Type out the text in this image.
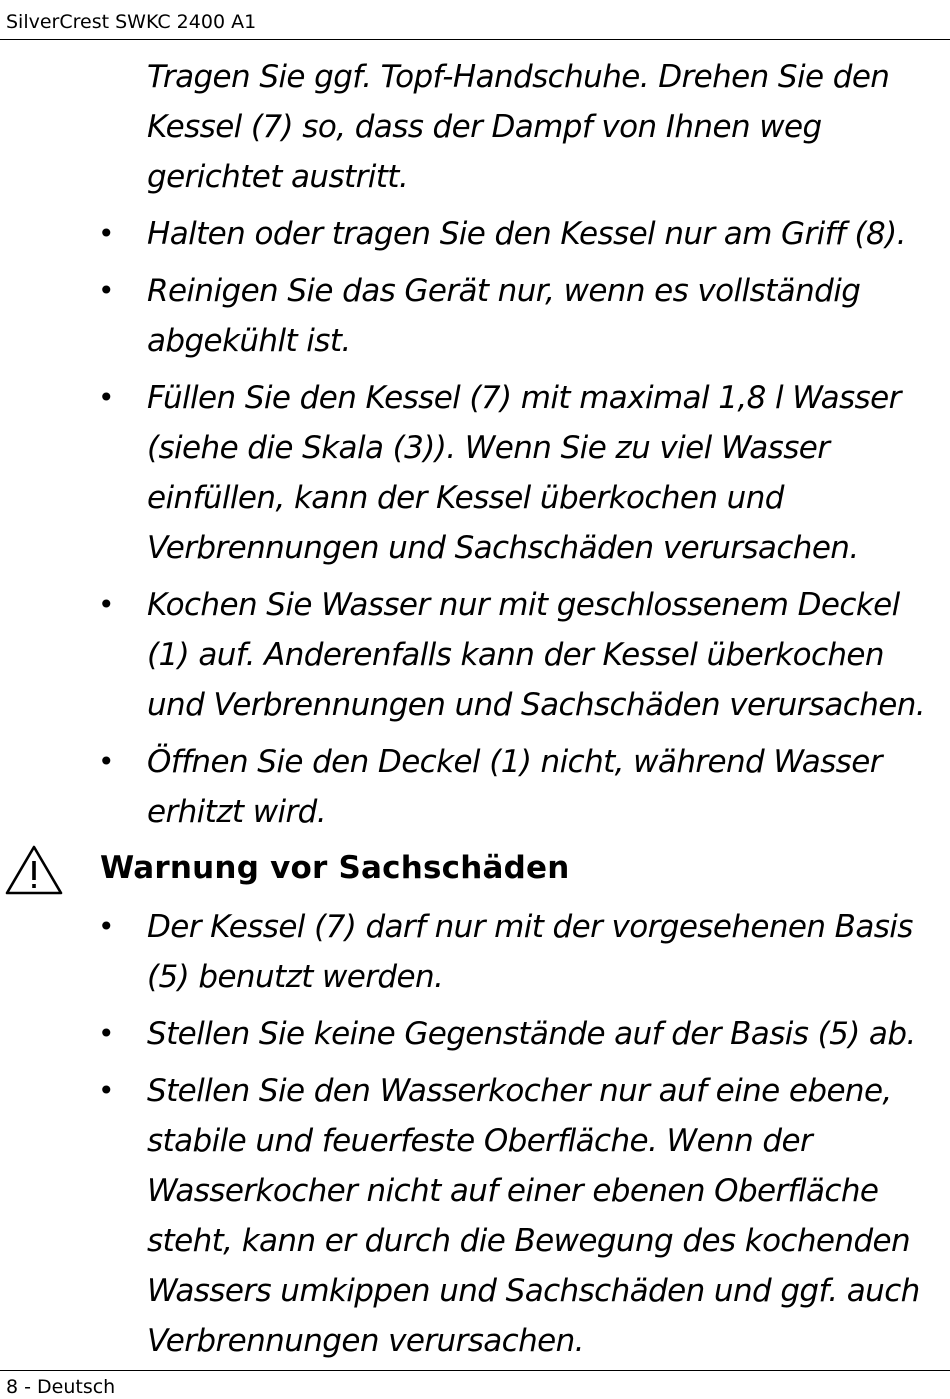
SilverCrest SWKC 2400 A1

Tragen Sie ggf. Topf-Handschuhe. Drehen Sie den Kessel (7) so, dass der Dampf von Ihnen weg gerichtet austritt.

• Halten oder tragen Sie den Kessel nur am Griff (8).

• Reinigen Sie das Gerät nur, wenn es vollständig abgekühlt ist.

• Füllen Sie den Kessel (7) mit maximal 1,8 l Wasser (siehe die Skala (3)). Wenn Sie zu viel Wasser einfüllen, kann der Kessel überkochen und Verbrennungen und Sachschäden verursachen.

• Kochen Sie Wasser nur mit geschlossenem Deckel (1) auf. Anderenfalls kann der Kessel überkochen und Verbrennungen und Sachschäden verursachen.

• Öffnen Sie den Deckel (1) nicht, während Wasser erhitzt wird.

Warnung vor Sachschäden

• Der Kessel (7) darf nur mit der vorgesehenen Basis (5) benutzt werden.

• Stellen Sie keine Gegenstände auf der Basis (5) ab.

• Stellen Sie den Wasserkocher nur auf eine ebene, stabile und feuerfeste Oberfläche. Wenn der Wasserkocher nicht auf einer ebenen Oberfläche steht, kann er durch die Bewegung des kochenden Wassers umkippen und Sachschäden und ggf. auch Verbrennungen verursachen.

8 - Deutsch
